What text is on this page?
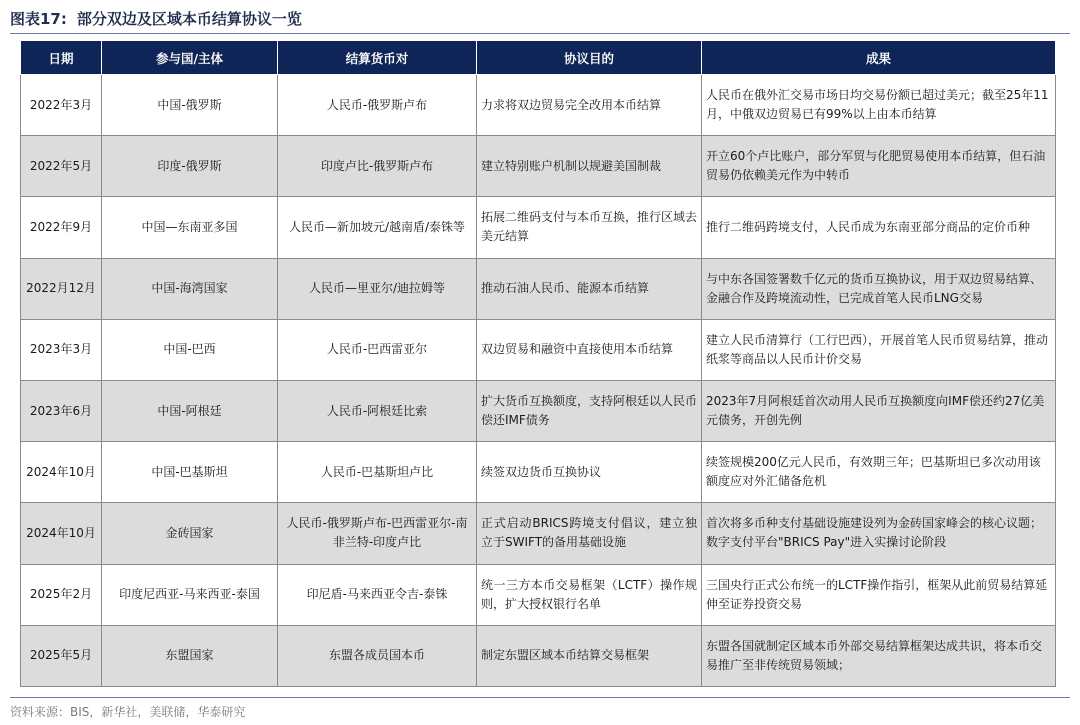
图表17: 部分双边及区域本币结算协议一览
日期	参与国/主体	结算货币对	协议目的	成果
2022年3月	中国-俄罗斯	人民币-俄罗斯卢布	力求将双边贸易完全改用本币结算	人民币在俄外汇交易市场日均交易份额已超过美元；截至25年11月，中俄双边贸易已有99%以上由本币结算
2022年5月	印度-俄罗斯	印度卢比-俄罗斯卢布	建立特别账户机制以规避美国制裁	开立60个卢比账户，部分军贸与化肥贸易使用本币结算，但石油贸易仍依赖美元作为中转币
2022年9月	中国—东南亚多国	人民币—新加坡元/越南盾/泰铢等	拓展二维码支付与本币互换，推行区域去美元结算	推行二维码跨境支付，人民币成为东南亚部分商品的定价币种
2022月12月	中国-海湾国家	人民币—里亚尔/迪拉姆等	推动石油人民币、能源本币结算	与中东各国签署数千亿元的货币互换协议，用于双边贸易结算、金融合作及跨境流动性，已完成首笔人民币LNG交易
2023年3月	中国-巴西	人民币-巴西雷亚尔	双边贸易和融资中直接使用本币结算	建立人民币清算行（工行巴西），开展首笔人民币贸易结算，推动纸浆等商品以人民币计价交易
2023年6月	中国-阿根廷	人民币-阿根廷比索	扩大货币互换额度，支持阿根廷以人民币偿还IMF债务	2023年7月阿根廷首次动用人民币互换额度向IMF偿还约27亿美元债务，开创先例
2024年10月	中国-巴基斯坦	人民币-巴基斯坦卢比	续签双边货币互换协议	续签规模200亿元人民币，有效期三年；巴基斯坦已多次动用该额度应对外汇储备危机
2024年10月	金砖国家	人民币-俄罗斯卢布-巴西雷亚尔-南非兰特-印度卢比	正式启动BRICS跨境支付倡议，建立独立于SWIFT的备用基础设施	首次将多币种支付基础设施建设列为金砖国家峰会的核心议题；数字支付平台"BRICS Pay"进入实操讨论阶段
2025年2月	印度尼西亚-马来西亚-泰国	印尼盾-马来西亚令吉-泰铢	统一三方本币交易框架（LCTF）操作规则，扩大授权银行名单	三国央行正式公布统一的LCTF操作指引，框架从此前贸易结算延伸至证券投资交易
2025年5月	东盟国家	东盟各成员国本币	制定东盟区域本币结算交易框架	东盟各国就制定区域本币外部交易结算框架达成共识，将本币交易推广至非传统贸易领域；
资料来源：BIS，新华社，美联储，华泰研究
